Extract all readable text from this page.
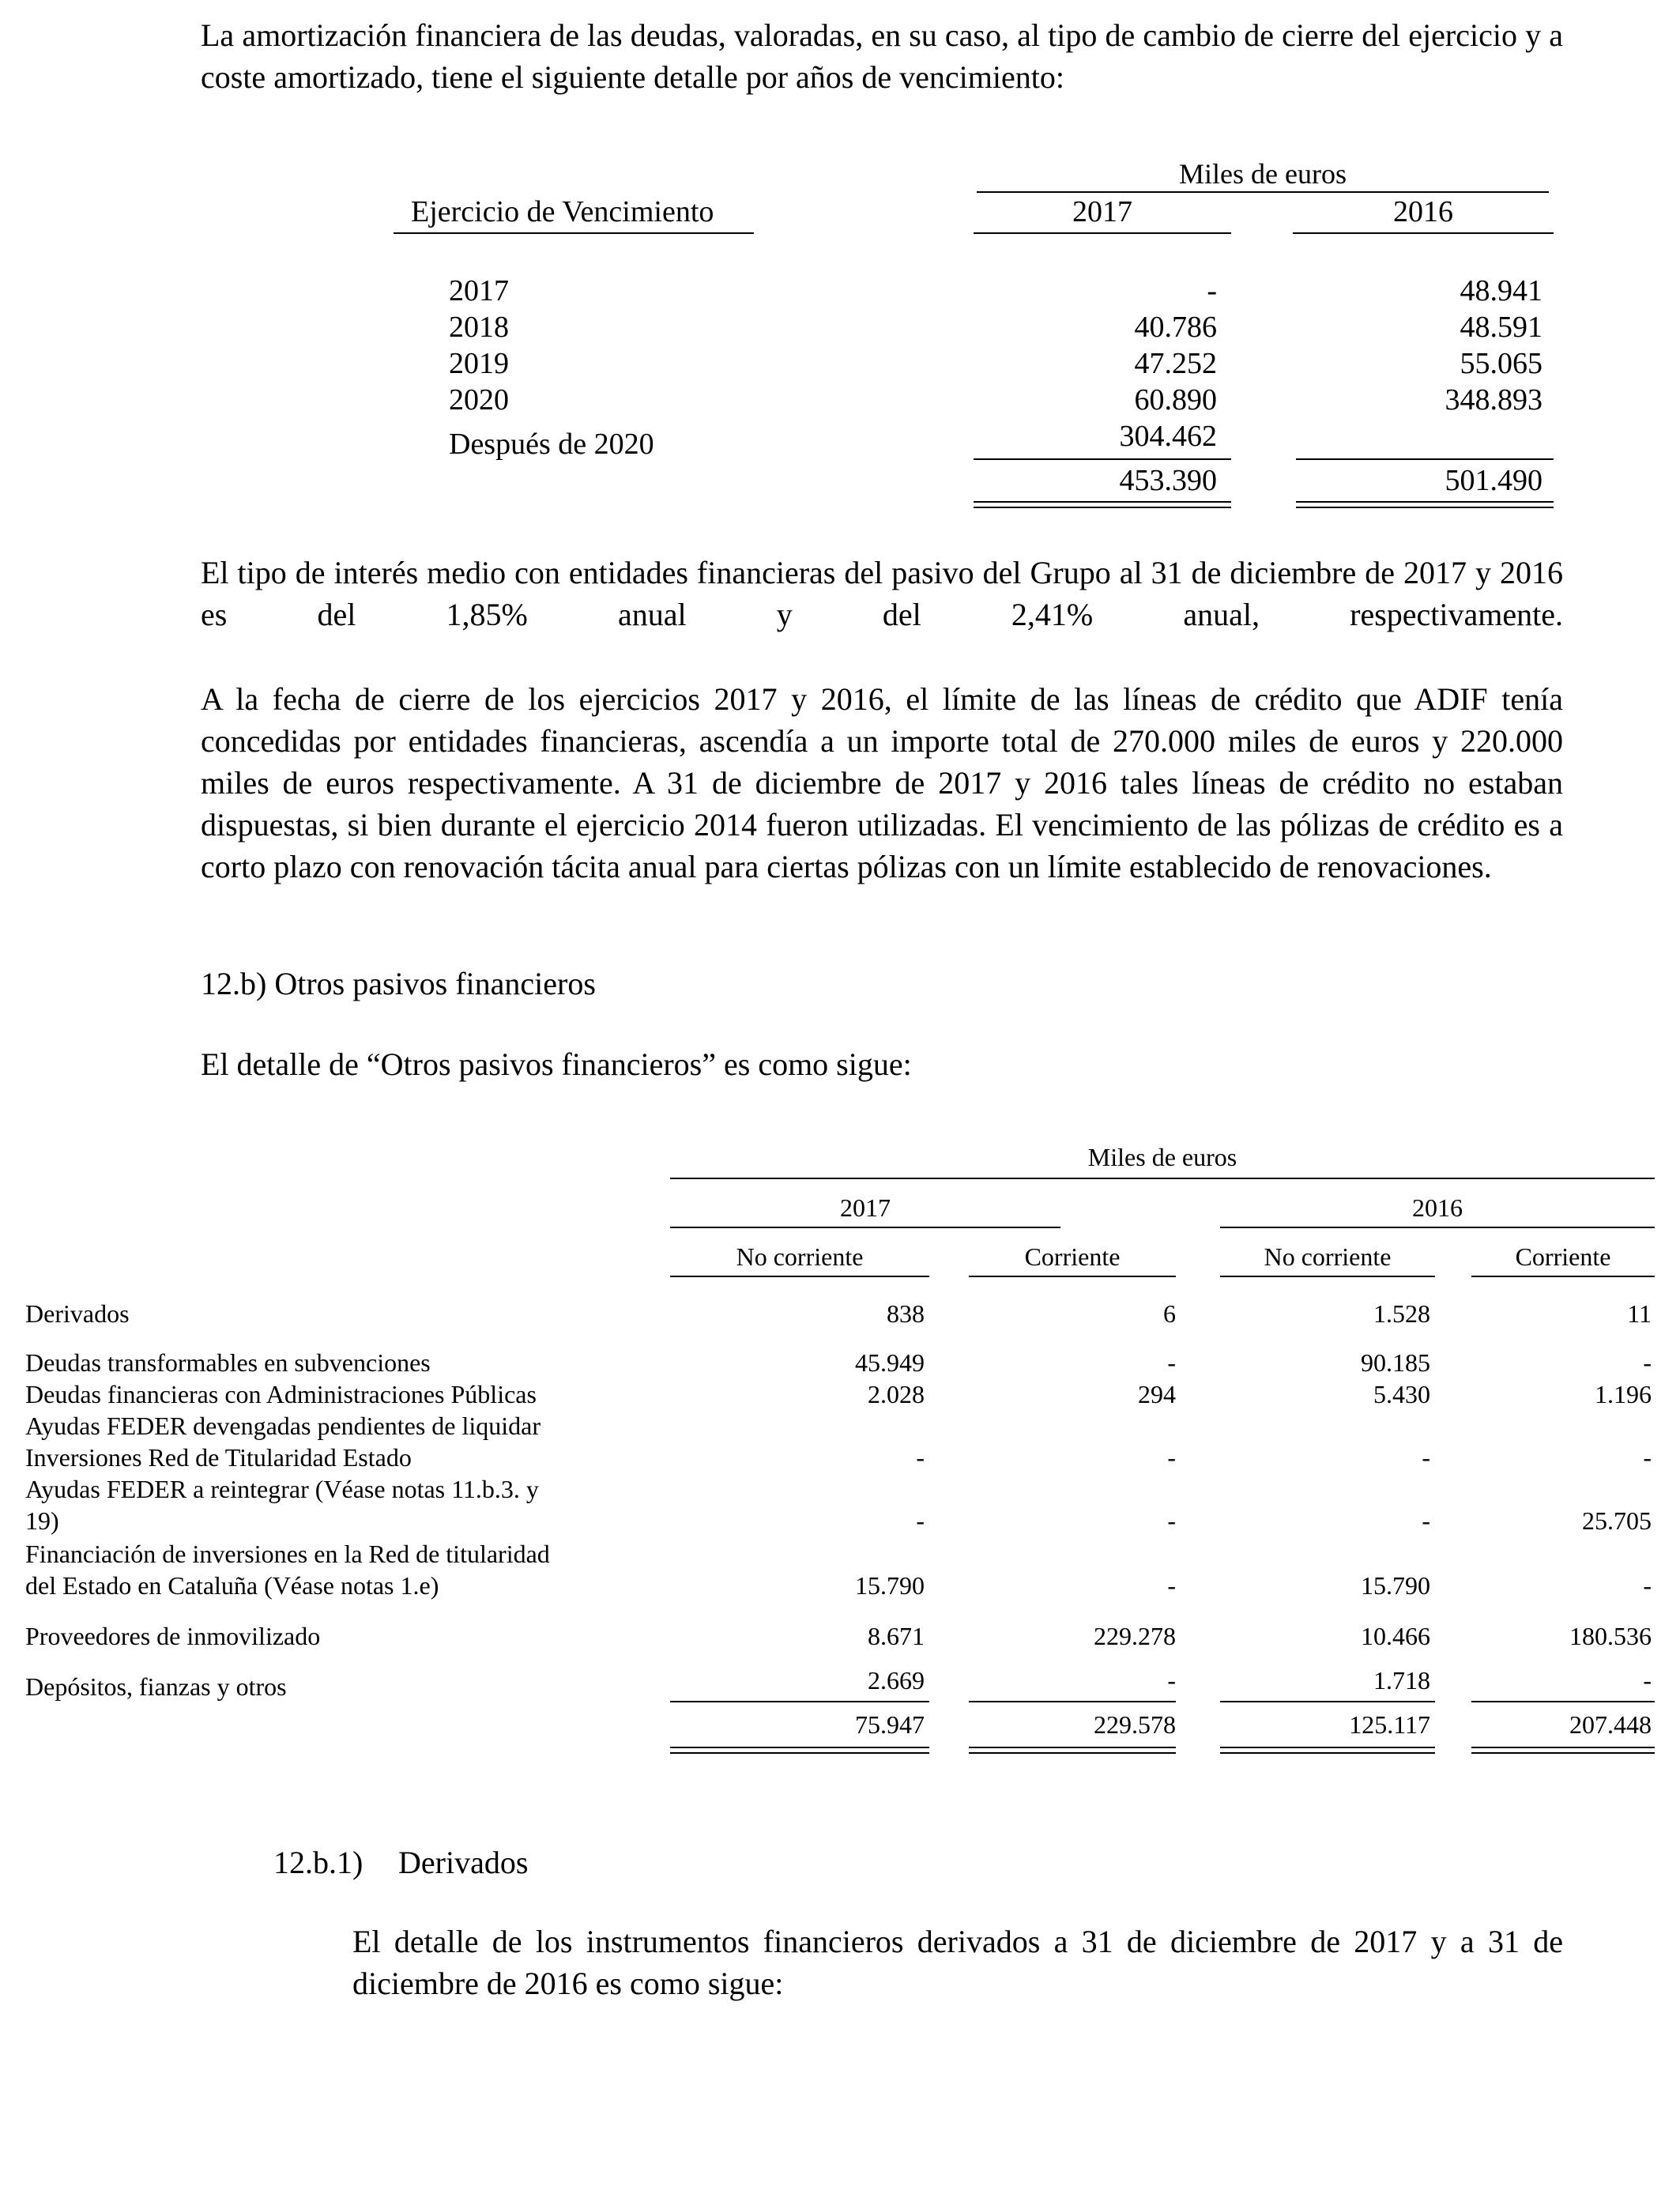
La amortización financiera de las deudas, valoradas, en su caso, al tipo de cambio de cierre del ejercicio y a coste amortizado, tiene el siguiente detalle por años de vencimiento:

Miles de euros
Ejercicio de Vencimiento	2017	2016
2017	-	48.941
2018	40.786	48.591
2019	47.252	55.065
2020	60.890	348.893
Después de 2020	304.462
453.390	501.490

El tipo de interés medio con entidades financieras del pasivo del Grupo al 31 de diciembre de 2017 y 2016 es del 1,85% anual y del 2,41% anual, respectivamente.

A la fecha de cierre de los ejercicios 2017 y 2016, el límite de las líneas de crédito que ADIF tenía concedidas por entidades financieras, ascendía a un importe total de 270.000 miles de euros y 220.000 miles de euros respectivamente. A 31 de diciembre de 2017 y 2016 tales líneas de crédito no estaban dispuestas, si bien durante el ejercicio 2014 fueron utilizadas. El vencimiento de las pólizas de crédito es a corto plazo con renovación tácita anual para ciertas pólizas con un límite establecido de renovaciones.

12.b) Otros pasivos financieros
El detalle de “Otros pasivos financieros” es como sigue:
Miles de euros
2017	2016
No corriente	Corriente	No corriente	Corriente
Derivados	838	6	1.528	11
Deudas transformables en subvenciones	45.949	-	90.185	-
Deudas financieras con Administraciones Públicas	2.028	294	5.430	1.196
Ayudas FEDER devengadas pendientes de liquidar
Inversiones Red de Titularidad Estado	-	-	-	-
Ayudas FEDER a reintegrar (Véase notas 11.b.3. y
19)	-	-	-	25.705
Financiación de inversiones en la Red de titularidad
del Estado en Cataluña (Véase notas 1.e)	15.790	-	15.790	-
Proveedores de inmovilizado	8.671	229.278	10.466	180.536
Depósitos, fianzas y otros	2.669	-	1.718	-
75.947	229.578	125.117	207.448
12.b.1) Derivados

El detalle de los instrumentos financieros derivados a 31 de diciembre de 2017 y a 31 de diciembre de 2016 es como sigue:
